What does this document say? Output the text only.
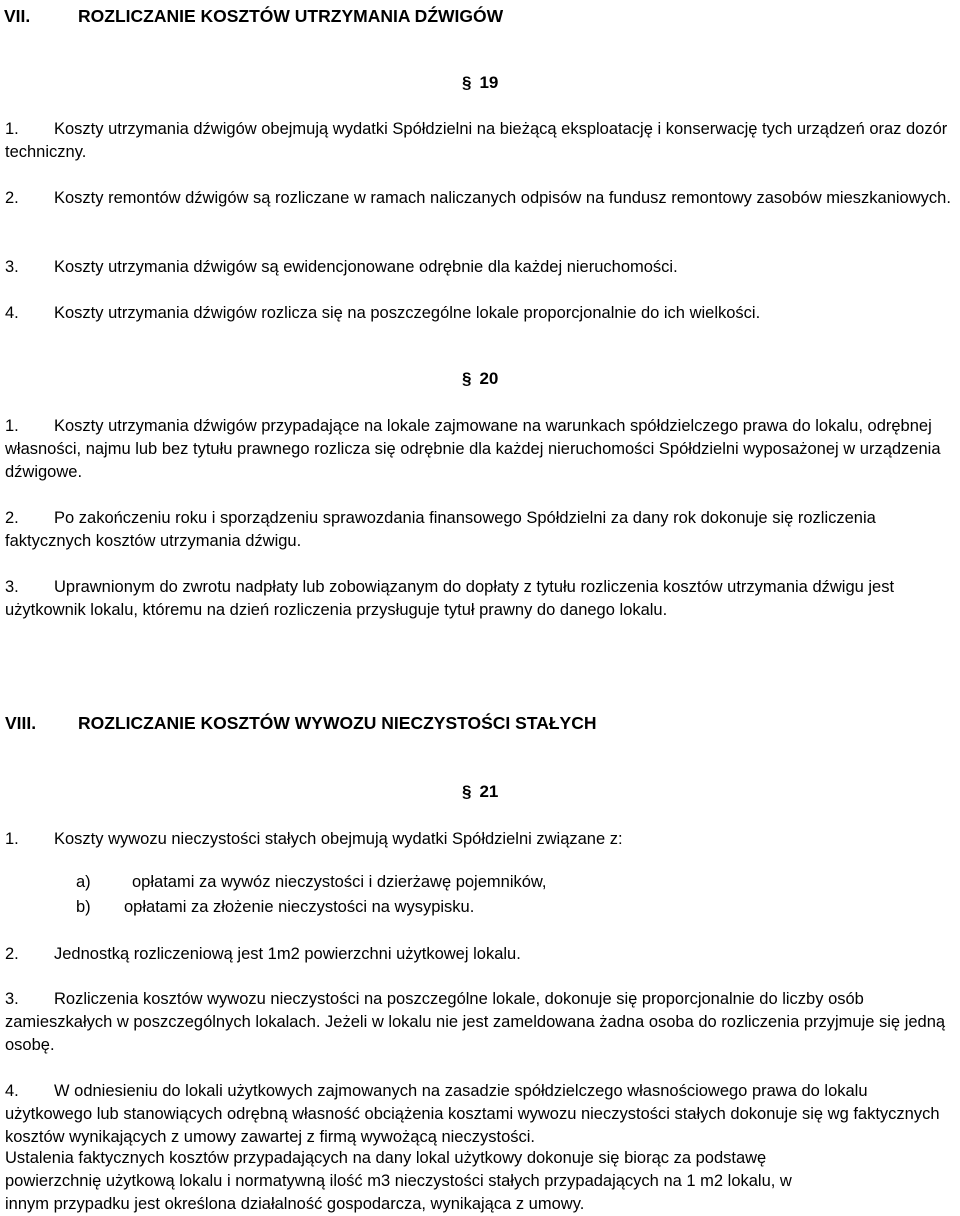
VII.	ROZLICZANIE KOSZTÓW UTRZYMANIA DŹWIGÓW
§ 19
1. Koszty utrzymania dźwigów obejmują wydatki Spółdzielni na bieżącą eksploatację i konserwację tych urządzeń oraz dozór techniczny.
2. Koszty remontów dźwigów są rozliczane w ramach naliczanych odpisów na fundusz remontowy zasobów mieszkaniowych.
3. Koszty utrzymania dźwigów są ewidencjonowane odrębnie dla każdej nieruchomości.
4. Koszty utrzymania dźwigów rozlicza się na poszczególne lokale proporcjonalnie do ich wielkości.
§ 20
1. Koszty utrzymania dźwigów przypadające na lokale zajmowane na warunkach spółdzielczego prawa do lokalu, odrębnej własności, najmu lub bez tytułu prawnego rozlicza się odrębnie dla każdej nieruchomości Spółdzielni wyposażonej w urządzenia dźwigowe.
2. Po zakończeniu roku i sporządzeniu sprawozdania finansowego Spółdzielni za dany rok dokonuje się rozliczenia faktycznych kosztów utrzymania dźwigu.
3. Uprawnionym do zwrotu nadpłaty lub zobowiązanym do dopłaty z tytułu rozliczenia kosztów utrzymania dźwigu jest użytkownik lokalu, któremu na dzień rozliczenia przysługuje tytuł prawny do danego lokalu.
VIII. ROZLICZANIE KOSZTÓW WYWOZU NIECZYSTOŚCI STAŁYCH
§ 21
1. Koszty wywozu nieczystości stałych obejmują wydatki Spółdzielni związane z:
a)	opłatami za wywóz nieczystości i dzierżawę pojemników,
b) opłatami za złożenie nieczystości na wysypisku.
2. Jednostką rozliczeniową jest 1m2 powierzchni użytkowej lokalu.
3. Rozliczenia kosztów wywozu nieczystości na poszczególne lokale, dokonuje się proporcjonalnie do liczby osób zamieszkałych w poszczególnych lokalach. Jeżeli w lokalu nie jest zameldowana żadna osoba do rozliczenia przyjmuje się jedną osobę.
4. W odniesieniu do lokali użytkowych zajmowanych na zasadzie spółdzielczego własnościowego prawa do lokalu użytkowego lub stanowiących odrębną własność obciążenia kosztami wywozu nieczystości stałych dokonuje się wg faktycznych kosztów wynikających z umowy zawartej z firmą wywożącą nieczystości.
Ustalenia faktycznych kosztów przypadających na dany lokal użytkowy dokonuje się biorąc za podstawę
powierzchnię użytkową lokalu i normatywną ilość m3 nieczystości stałych przypadających na 1 m2 lokalu, w
innym przypadku jest określona działalność gospodarcza, wynikająca z umowy.
